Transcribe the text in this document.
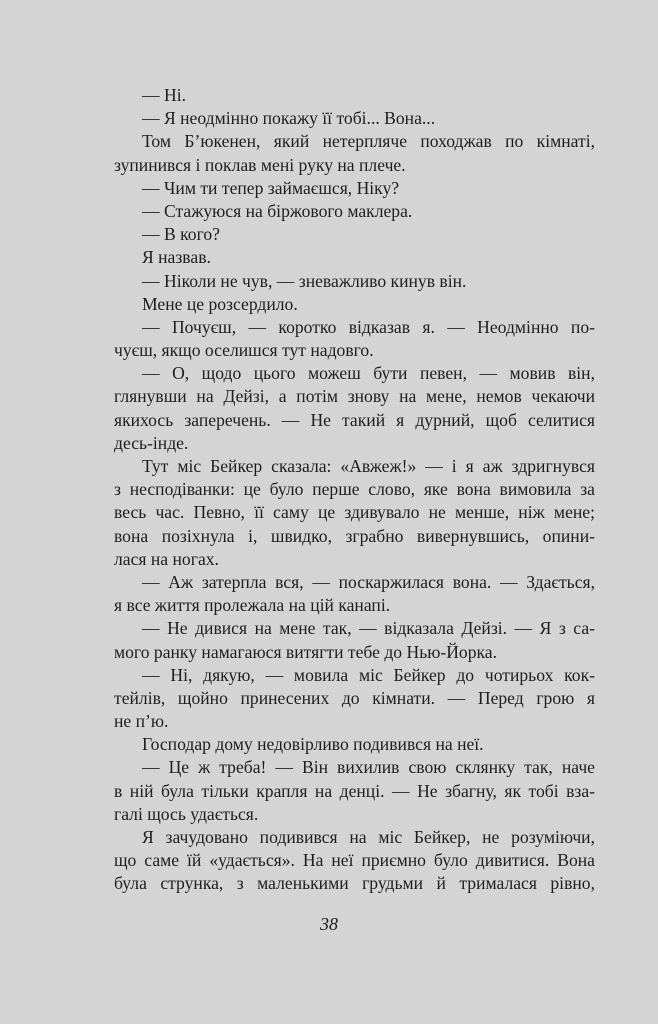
— Ні.
— Я неодмінно покажу її тобі... Вона...
Том Б’юкенен, який нетерпляче походжав по кімнаті,
зупинився і поклав мені руку на плече.
— Чим ти тепер займаєшся, Ніку?
— Стажуюся на біржового маклера.
— В кого?
Я назвав.
— Ніколи не чув, — зневажливо кинув він.
Мене це розсердило.
— Почуєш, — коротко відказав я. — Неодмінно по-
чуєш, якщо оселишся тут надовго.
— О, щодо цього можеш бути певен, — мовив він,
глянувши на Дейзі, а потім знову на мене, немов чекаючи
якихось заперечень. — Не такий я дурний, щоб селитися
десь-інде.
Тут міс Бейкер сказала: «Авжеж!» — і я аж здригнувся
з несподіванки: це було перше слово, яке вона вимовила за
весь час. Певно, її саму це здивувало не менше, ніж мене;
вона позіхнула і, швидко, зграбно вивернувшись, опини-
лася на ногах.
— Аж затерпла вся, — поскаржилася вона. — Здається,
я все життя пролежала на цій канапі.
— Не дивися на мене так, — відказала Дейзі. — Я з са-
мого ранку намагаюся витягти тебе до Нью-Йорка.
— Ні, дякую, — мовила міс Бейкер до чотирьох кок-
тейлів, щойно принесених до кімнати. — Перед грою я
не п’ю.
Господар дому недовірливо подивився на неї.
— Це ж треба! — Він вихилив свою склянку так, наче
в ній була тільки крапля на денці. — Не збагну, як тобі вза-
галі щось удається.
Я зачудовано подивився на міс Бейкер, не розуміючи,
що саме їй «удається». На неї приємно було дивитися. Вона
була струнка, з маленькими грудьми й трималася рівно,
38
